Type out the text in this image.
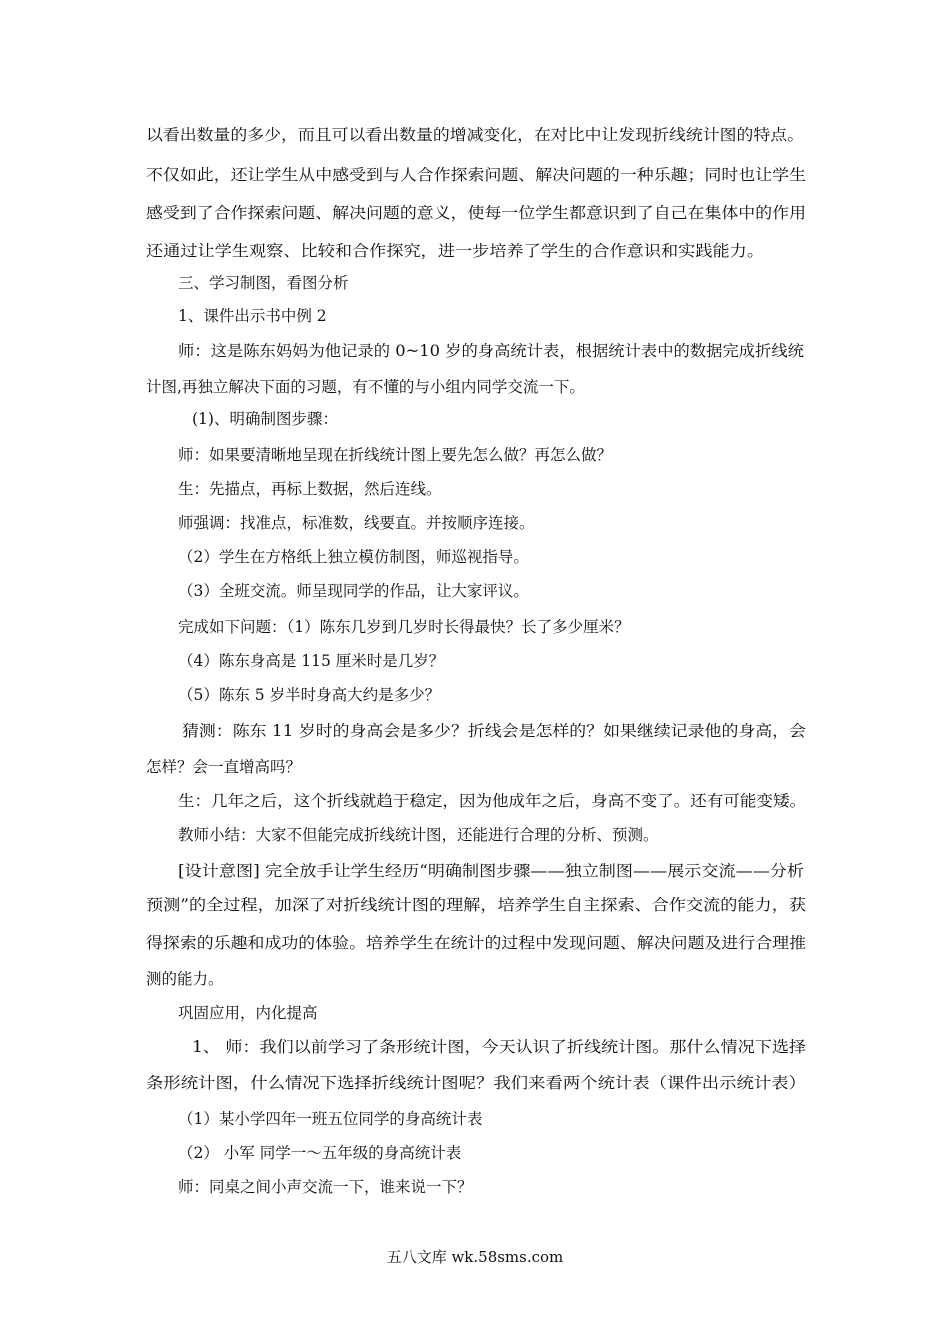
以看出数量的多少，而且可以看出数量的增减变化，在对比中让发现折线统计图的特点。
不仅如此，还让学生从中感受到与人合作探索问题、解决问题的一种乐趣；同时也让学生
感受到了合作探索问题、解决问题的意义，使每一位学生都意识到了自己在集体中的作用
还通过让学生观察、比较和合作探究，进一步培养了学生的合作意识和实践能力。
三、学习制图，看图分析
1、课件出示书中例 2
师：这是陈东妈妈为他记录的 0~10 岁的身高统计表，根据统计表中的数据完成折线统
计图,再独立解决下面的习题，有不懂的与小组内同学交流一下。
(1)、明确制图步骤：
师：如果要清晰地呈现在折线统计图上要先怎么做？再怎么做？
生：先描点，再标上数据，然后连线。
师强调：找准点，标准数，线要直。并按顺序连接。
（2）学生在方格纸上独立模仿制图，师巡视指导。
（3）全班交流。师呈现同学的作品，让大家评议。
完成如下问题：（1）陈东几岁到几岁时长得最快？长了多少厘米？
（4）陈东身高是 115 厘米时是几岁？
（5）陈东 5 岁半时身高大约是多少？
猜测：陈东 11 岁时的身高会是多少？折线会是怎样的？如果继续记录他的身高，会
怎样？会一直增高吗？
生：几年之后，这个折线就趋于稳定，因为他成年之后，身高不变了。还有可能变矮。
教师小结：大家不但能完成折线统计图，还能进行合理的分析、预测。
[设计意图] 完全放手让学生经历“明确制图步骤——独立制图——展示交流——分析
预测”的全过程，加深了对折线统计图的理解，培养学生自主探索、合作交流的能力，获
得探索的乐趣和成功的体验。培养学生在统计的过程中发现问题、解决问题及进行合理推
测的能力。
巩固应用，内化提高
1、 师：我们以前学习了条形统计图，今天认识了折线统计图。那什么情况下选择
条形统计图，什么情况下选择折线统计图呢？我们来看两个统计表（课件出示统计表）
（1）某小学四年一班五位同学的身高统计表
（2） 小军 同学一～五年级的身高统计表
师：同桌之间小声交流一下，谁来说一下？
五八文库 wk.58sms.com
